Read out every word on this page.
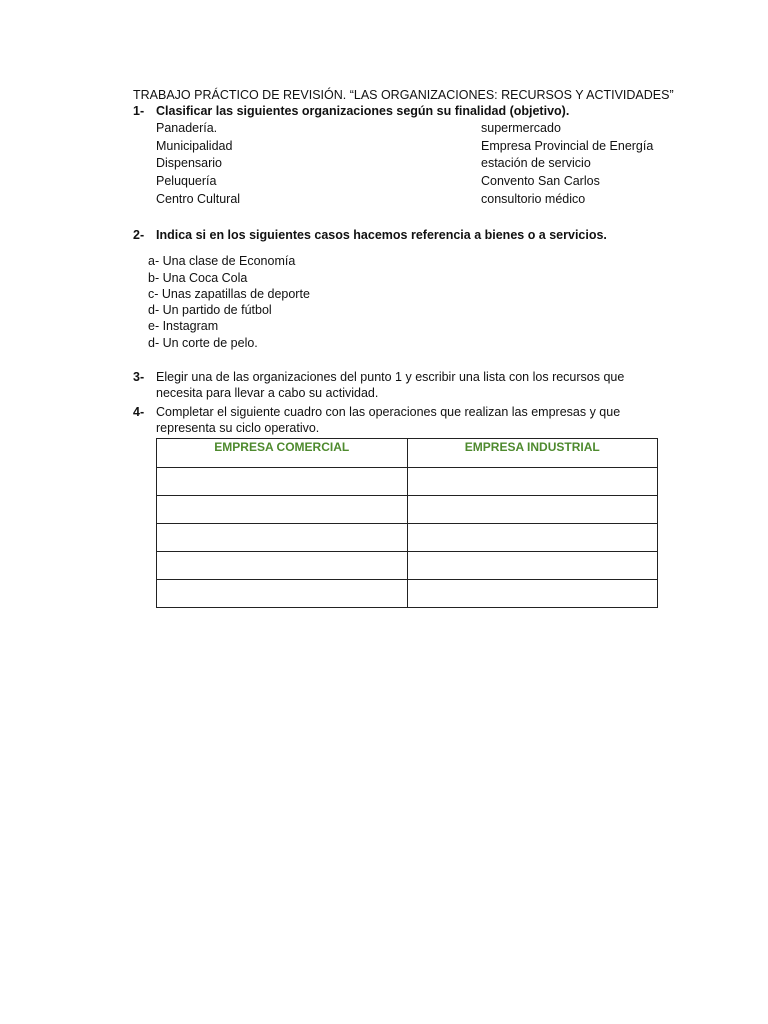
TRABAJO PRÁCTICO DE REVISIÓN. “LAS ORGANIZACIONES: RECURSOS Y ACTIVIDADES”
1- Clasificar las siguientes organizaciones según su finalidad (objetivo).
Panadería.
Municipalidad
Dispensario
Peluquería
Centro Cultural
supermercado
Empresa Provincial de Energía
estación de servicio
Convento San Carlos
consultorio médico
2- Indica si en los siguientes casos hacemos referencia a bienes o a servicios.
a- Una clase de Economía
b- Una Coca Cola
c- Unas zapatillas de deporte
d- Un partido de fútbol
e- Instagram
d- Un corte de pelo.
3- Elegir una de las organizaciones del punto 1 y escribir una lista con los recursos que
necesita para llevar a cabo su actividad.
4- Completar el siguiente cuadro con las operaciones que realizan las empresas y que
representa su ciclo operativo.
EMPRESA COMERCIAL	EMPRESA INDUSTRIAL
